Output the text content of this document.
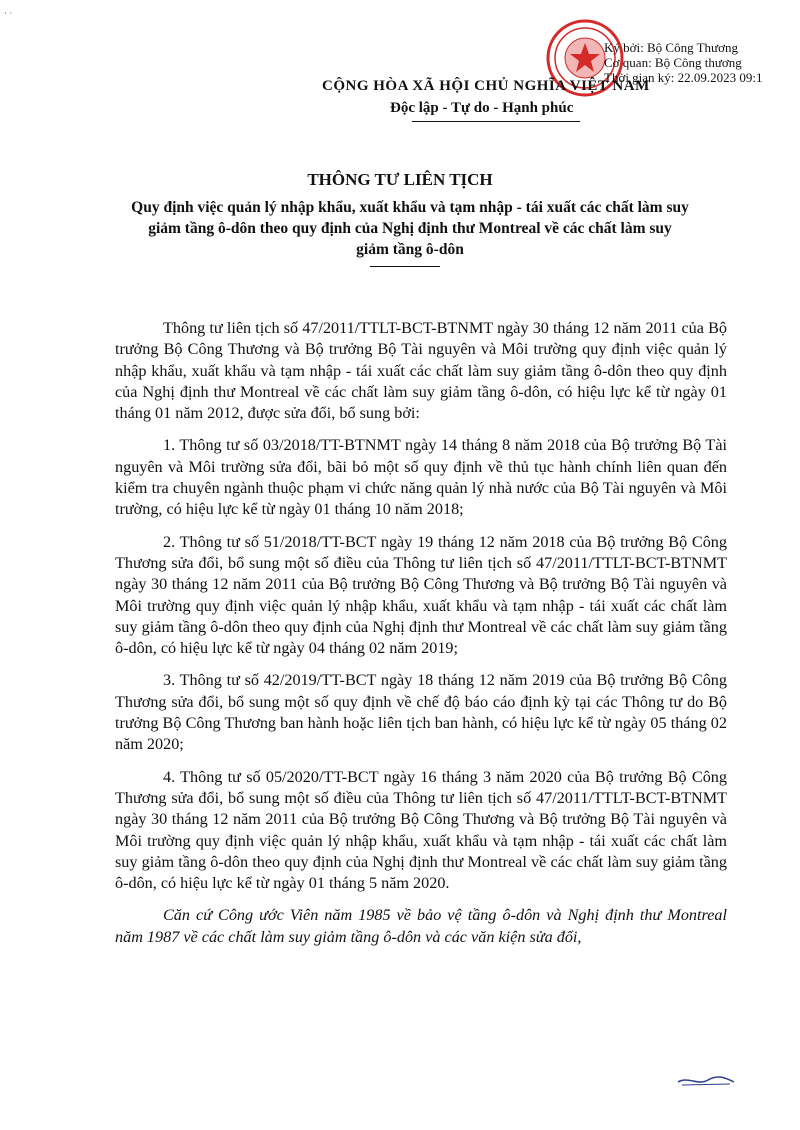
· ·
Ký bởi: Bộ Công Thương
Cơ quan: Bộ Công thương
Thời gian ký: 22.09.2023 09:1
CỘNG HÒA XÃ HỘI CHỦ NGHĨA VIỆT NAM
Độc lập - Tự do - Hạnh phúc
THÔNG TƯ LIÊN TỊCH
Quy định việc quản lý nhập khẩu, xuất khẩu và tạm nhập - tái xuất các chất làm suy giảm tầng ô-dôn theo quy định của Nghị định thư Montreal về các chất làm suy giảm tầng ô-dôn

Thông tư liên tịch số 47/2011/TTLT-BCT-BTNMT ngày 30 tháng 12 năm 2011 của Bộ trưởng Bộ Công Thương và Bộ trưởng Bộ Tài nguyên và Môi trường quy định việc quản lý nhập khẩu, xuất khẩu và tạm nhập - tái xuất các chất làm suy giảm tầng ô-dôn theo quy định của Nghị định thư Montreal về các chất làm suy giảm tầng ô-dôn, có hiệu lực kể từ ngày 01 tháng 01 năm 2012, được sửa đổi, bổ sung bởi:

1. Thông tư số 03/2018/TT-BTNMT ngày 14 tháng 8 năm 2018 của Bộ trưởng Bộ Tài nguyên và Môi trường sửa đổi, bãi bỏ một số quy định về thủ tục hành chính liên quan đến kiểm tra chuyên ngành thuộc phạm vi chức năng quản lý nhà nước của Bộ Tài nguyên và Môi trường, có hiệu lực kể từ ngày 01 tháng 10 năm 2018;

2. Thông tư số 51/2018/TT-BCT ngày 19 tháng 12 năm 2018 của Bộ trưởng Bộ Công Thương sửa đổi, bổ sung một số điều của Thông tư liên tịch số 47/2011/TTLT-BCT-BTNMT ngày 30 tháng 12 năm 2011 của Bộ trưởng Bộ Công Thương và Bộ trưởng Bộ Tài nguyên và Môi trường quy định việc quản lý nhập khẩu, xuất khẩu và tạm nhập - tái xuất các chất làm suy giảm tầng ô-dôn theo quy định của Nghị định thư Montreal về các chất làm suy giảm tầng ô-dôn, có hiệu lực kể từ ngày 04 tháng 02 năm 2019;

3. Thông tư số 42/2019/TT-BCT ngày 18 tháng 12 năm 2019 của Bộ trưởng Bộ Công Thương sửa đổi, bổ sung một số quy định về chế độ báo cáo định kỳ tại các Thông tư do Bộ trưởng Bộ Công Thương ban hành hoặc liên tịch ban hành, có hiệu lực kể từ ngày 05 tháng 02 năm 2020;

4. Thông tư số 05/2020/TT-BCT ngày 16 tháng 3 năm 2020 của Bộ trưởng Bộ Công Thương sửa đổi, bổ sung một số điều của Thông tư liên tịch số 47/2011/TTLT-BCT-BTNMT ngày 30 tháng 12 năm 2011 của Bộ trưởng Bộ Công Thương và Bộ trưởng Bộ Tài nguyên và Môi trường quy định việc quản lý nhập khẩu, xuất khẩu và tạm nhập - tái xuất các chất làm suy giảm tầng ô-dôn theo quy định của Nghị định thư Montreal về các chất làm suy giảm tầng ô-dôn, có hiệu lực kể từ ngày 01 tháng 5 năm 2020.

Căn cứ Công ước Viên năm 1985 về bảo vệ tầng ô-dôn và Nghị định thư Montreal năm 1987 về các chất làm suy giảm tầng ô-dôn và các văn kiện sửa đổi,
